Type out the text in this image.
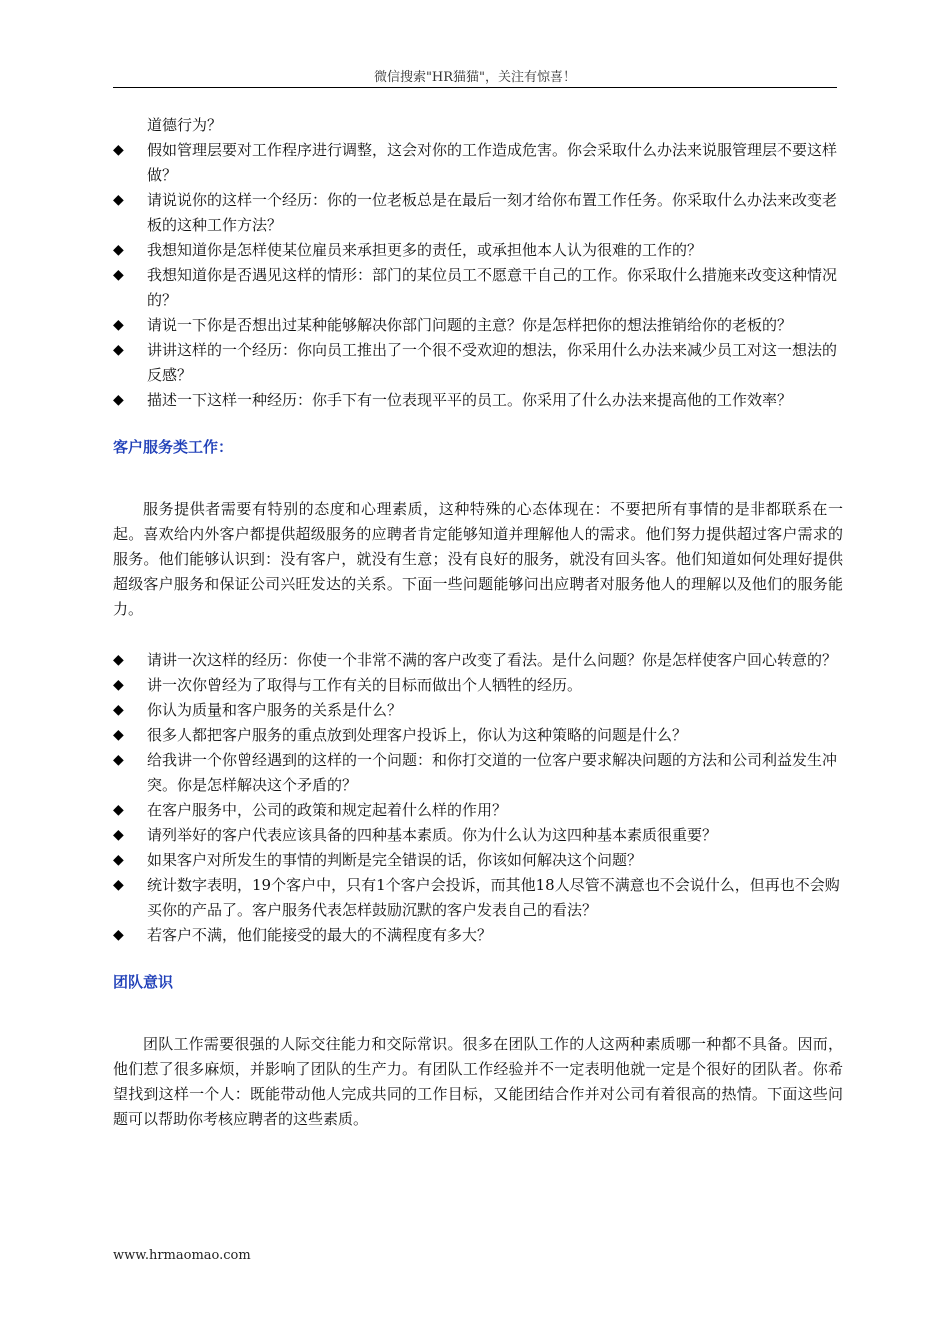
微信搜索"HR猫猫"，关注有惊喜！
道德行为？
◆	假如管理层要对工作程序进行调整，这会对你的工作造成危害。你会采取什么办法来说服管理层不要这样做？
◆	请说说你的这样一个经历：你的一位老板总是在最后一刻才给你布置工作任务。你采取什么办法来改变老板的这种工作方法？
◆	我想知道你是怎样使某位雇员来承担更多的责任，或承担他本人认为很难的工作的？
◆	我想知道你是否遇见这样的情形：部门的某位员工不愿意干自己的工作。你采取什么措施来改变这种情况的？
◆	请说一下你是否想出过某种能够解决你部门问题的主意？你是怎样把你的想法推销给你的老板的？
◆	讲讲这样的一个经历：你向员工推出了一个很不受欢迎的想法，你采用什么办法来减少员工对这一想法的反感？
◆	描述一下这样一种经历：你手下有一位表现平平的员工。你采用了什么办法来提高他的工作效率？
客户服务类工作：

服务提供者需要有特别的态度和心理素质，这种特殊的心态体现在：不要把所有事情的是非都联系在一起。喜欢给内外客户都提供超级服务的应聘者肯定能够知道并理解他人的需求。他们努力提供超过客户需求的服务。他们能够认识到：没有客户，就没有生意；没有良好的服务，就没有回头客。他们知道如何处理好提供超级客户服务和保证公司兴旺发达的关系。下面一些问题能够问出应聘者对服务他人的理解以及他们的服务能力。

◆	请讲一次这样的经历：你使一个非常不满的客户改变了看法。是什么问题？你是怎样使客户回心转意的？
◆	讲一次你曾经为了取得与工作有关的目标而做出个人牺牲的经历。
◆	你认为质量和客户服务的关系是什么？
◆	很多人都把客户服务的重点放到处理客户投诉上，你认为这种策略的问题是什么？
◆	给我讲一个你曾经遇到的这样的一个问题：和你打交道的一位客户要求解决问题的方法和公司利益发生冲突。你是怎样解决这个矛盾的？
◆	在客户服务中，公司的政策和规定起着什么样的作用？
◆	请列举好的客户代表应该具备的四种基本素质。你为什么认为这四种基本素质很重要？
◆	如果客户对所发生的事情的判断是完全错误的话，你该如何解决这个问题？
◆	统计数字表明，19个客户中，只有1个客户会投诉，而其他18人尽管不满意也不会说什么，但再也不会购买你的产品了。客户服务代表怎样鼓励沉默的客户发表自己的看法？
◆	若客户不满，他们能接受的最大的不满程度有多大？
团队意识

团队工作需要很强的人际交往能力和交际常识。很多在团队工作的人这两种素质哪一种都不具备。因而，他们惹了很多麻烦，并影响了团队的生产力。有团队工作经验并不一定表明他就一定是个很好的团队者。你希望找到这样一个人：既能带动他人完成共同的工作目标，又能团结合作并对公司有着很高的热情。下面这些问题可以帮助你考核应聘者的这些素质。

www.hrmaomao.com
